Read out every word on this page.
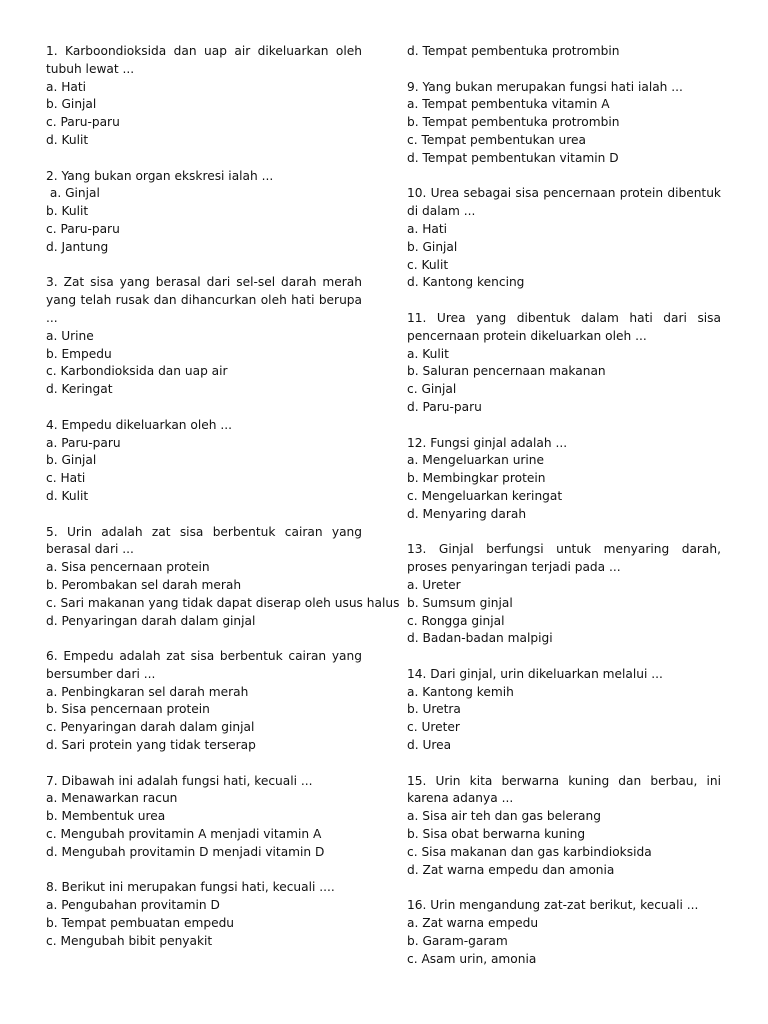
1. Karboondioksida dan uap air dikeluarkan oleh tubuh lewat ...
a. Hati
b. Ginjal
c. Paru-paru
d. Kulit
2. Yang bukan organ ekskresi ialah ...
a. Ginjal
b. Kulit
c. Paru-paru
d. Jantung
3. Zat sisa yang berasal dari sel-sel darah merah yang telah rusak dan dihancurkan oleh hati berupa ...
a. Urine
b. Empedu
c. Karbondioksida dan uap air
d. Keringat
4. Empedu dikeluarkan oleh ...
a. Paru-paru
b. Ginjal
c. Hati
d. Kulit
5. Urin adalah zat sisa berbentuk cairan yang berasal dari ...
a. Sisa pencernaan protein
b. Perombakan sel darah merah
c. Sari makanan yang tidak dapat diserap oleh usus halus
d. Penyaringan darah dalam ginjal
6. Empedu adalah zat sisa berbentuk cairan yang bersumber dari ...
a. Penbingkaran sel darah merah
b. Sisa pencernaan protein
c. Penyaringan darah dalam ginjal
d. Sari protein yang tidak terserap
7. Dibawah ini adalah fungsi hati, kecuali ...
a. Menawarkan racun
b. Membentuk urea
c. Mengubah provitamin A menjadi vitamin A
d. Mengubah provitamin D menjadi vitamin D
8. Berikut ini merupakan fungsi hati, kecuali ....
a. Pengubahan provitamin D
b. Tempat pembuatan empedu
c. Mengubah bibit penyakit
d. Tempat pembentuka protrombin
9. Yang bukan merupakan fungsi hati ialah ...
a. Tempat pembentuka vitamin A
b. Tempat pembentuka protrombin
c. Tempat pembentukan urea
d. Tempat pembentukan vitamin D
10. Urea sebagai sisa pencernaan protein dibentuk di dalam ...
a. Hati
b. Ginjal
c. Kulit
d. Kantong kencing
11. Urea yang dibentuk dalam hati dari sisa pencernaan protein dikeluarkan oleh ...
a. Kulit
b. Saluran pencernaan makanan
c. Ginjal
d. Paru-paru
12. Fungsi ginjal adalah ...
a. Mengeluarkan urine
b. Membingkar protein
c. Mengeluarkan keringat
d. Menyaring darah
13. Ginjal berfungsi untuk menyaring darah, proses penyaringan terjadi pada ...
a. Ureter
b. Sumsum ginjal
c. Rongga ginjal
d. Badan-badan malpigi
14. Dari ginjal, urin dikeluarkan melalui ...
a. Kantong kemih
b. Uretra
c. Ureter
d. Urea
15. Urin kita berwarna kuning dan berbau, ini karena adanya ...
a. Sisa air teh dan gas belerang
b. Sisa obat berwarna kuning
c. Sisa makanan dan gas karbindioksida
d. Zat warna empedu dan amonia
16. Urin mengandung zat-zat berikut, kecuali ...
a. Zat warna empedu
b. Garam-garam
c. Asam urin, amonia
